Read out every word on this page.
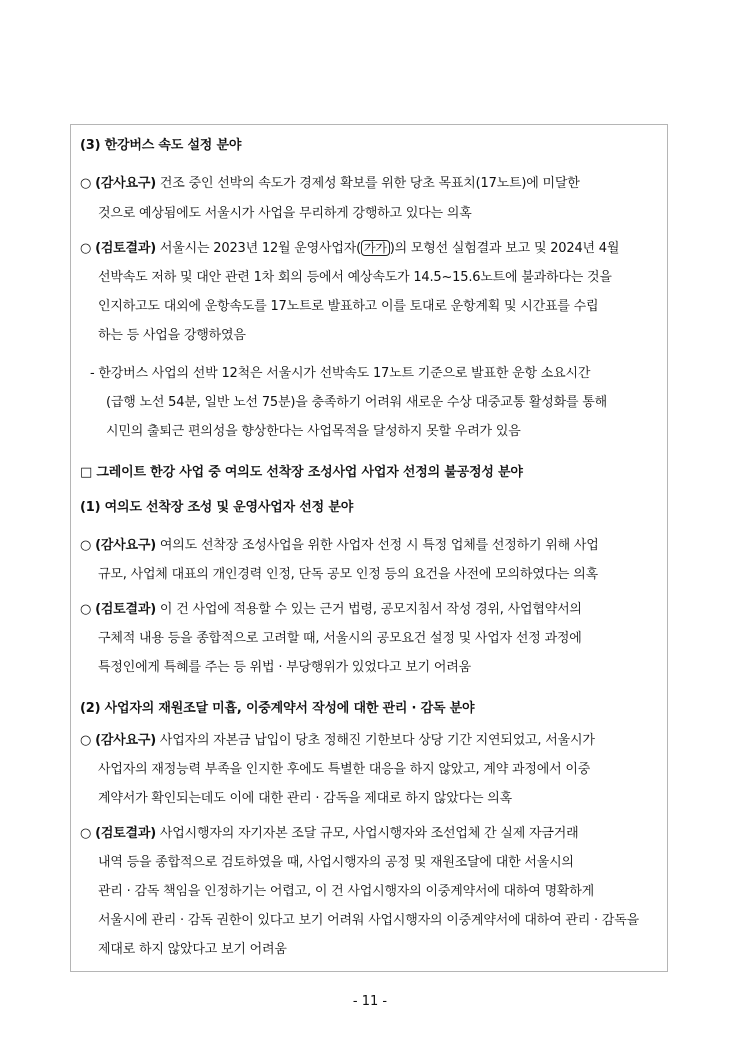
(3) 한강버스 속도 설정 분야
○ (감사요구) 건조 중인 선박의 속도가 경제성 확보를 위한 당초 목표치(17노트)에 미달한
것으로 예상됨에도 서울시가 사업을 무리하게 강행하고 있다는 의혹
○ (검토결과) 서울시는 2023년 12월 운영사업자( 가가 )의 모형선 실험결과 보고 및 2024년 4월
선박속도 저하 및 대안 관련 1차 회의 등에서 예상속도가 14.5~15.6노트에 불과하다는 것을
인지하고도 대외에 운항속도를 17노트로 발표하고 이를 토대로 운항계획 및 시간표를 수립
하는 등 사업을 강행하였음
- 한강버스 사업의 선박 12척은 서울시가 선박속도 17노트 기준으로 발표한 운항 소요시간
(급행 노선 54분, 일반 노선 75분)을 충족하기 어려워 새로운 수상 대중교통 활성화를 통해
시민의 출퇴근 편의성을 향상한다는 사업목적을 달성하지 못할 우려가 있음
□ 그레이트 한강 사업 중 여의도 선착장 조성사업 사업자 선정의 불공정성 분야
(1) 여의도 선착장 조성 및 운영사업자 선정 분야
○ (감사요구) 여의도 선착장 조성사업을 위한 사업자 선정 시 특정 업체를 선정하기 위해 사업
규모, 사업체 대표의 개인경력 인정, 단독 공모 인정 등의 요건을 사전에 모의하였다는 의혹
○ (검토결과) 이 건 사업에 적용할 수 있는 근거 법령, 공모지침서 작성 경위, 사업협약서의
구체적 내용 등을 종합적으로 고려할 때, 서울시의 공모요건 설정 및 사업자 선정 과정에
특정인에게 특혜를 주는 등 위법 · 부당행위가 있었다고 보기 어려움
(2) 사업자의 재원조달 미흡, 이중계약서 작성에 대한 관리 · 감독 분야
○ (감사요구) 사업자의 자본금 납입이 당초 정해진 기한보다 상당 기간 지연되었고, 서울시가
사업자의 재정능력 부족을 인지한 후에도 특별한 대응을 하지 않았고, 계약 과정에서 이중
계약서가 확인되는데도 이에 대한 관리 · 감독을 제대로 하지 않았다는 의혹
○ (검토결과) 사업시행자의 자기자본 조달 규모, 사업시행자와 조선업체 간 실제 자금거래
내역 등을 종합적으로 검토하였을 때, 사업시행자의 공정 및 재원조달에 대한 서울시의
관리 · 감독 책임을 인정하기는 어렵고, 이 건 사업시행자의 이중계약서에 대하여 명확하게
서울시에 관리 · 감독 권한이 있다고 보기 어려워 사업시행자의 이중계약서에 대하여 관리 · 감독을
제대로 하지 않았다고 보기 어려움
- 11 -
